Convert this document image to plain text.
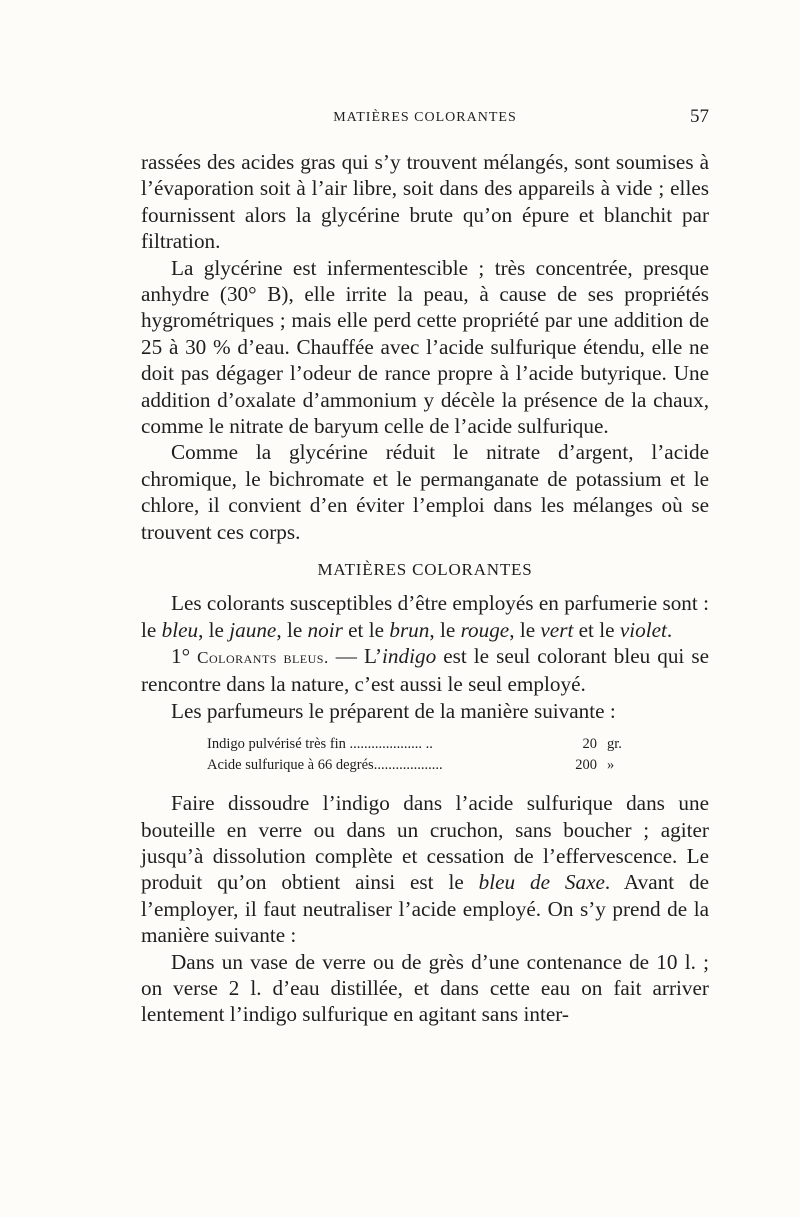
MATIÈRES COLORANTES	57

rassées des acides gras qui s’y trouvent mélangés, sont soumises à l’évaporation soit à l’air libre, soit dans des appareils à vide ; elles fournissent alors la glycérine brute qu’on épure et blanchit par filtration.

La glycérine est infermentescible ; très concentrée, presque anhydre (30° B), elle irrite la peau, à cause de ses propriétés hygrométriques ; mais elle perd cette propriété par une addition de 25 à 30 % d’eau. Chauffée avec l’acide sulfurique étendu, elle ne doit pas dégager l’odeur de rance propre à l’acide butyrique. Une addition d’oxalate d’ammonium y décèle la présence de la chaux, comme le nitrate de baryum celle de l’acide sulfurique.

Comme la glycérine réduit le nitrate d’argent, l’acide chromique, le bichromate et le permanganate de potassium et le chlore, il convient d’en éviter l’emploi dans les mélanges où se trouvent ces corps.

MATIÈRES COLORANTES

Les colorants susceptibles d’être employés en parfumerie sont : le bleu, le jaune, le noir et le brun, le rouge, le vert et le violet.

1° Colorants bleus. — L’indigo est le seul colorant bleu qui se rencontre dans la nature, c’est aussi le seul employé.

Les parfumeurs le préparent de la manière suivante :

Indigo pulvérisé très fin .................... ..	20 gr.
Acide sulfurique à 66 degrés...................	200 »

Faire dissoudre l’indigo dans l’acide sulfurique dans une bouteille en verre ou dans un cruchon, sans boucher ; agiter jusqu’à dissolution complète et cessation de l’effervescence. Le produit qu’on obtient ainsi est le bleu de Saxe. Avant de l’employer, il faut neutraliser l’acide employé. On s’y prend de la manière suivante :

Dans un vase de verre ou de grès d’une contenance de 10 l. ; on verse 2 l. d’eau distillée, et dans cette eau on fait arriver lentement l’indigo sulfurique en agitant sans inter-
